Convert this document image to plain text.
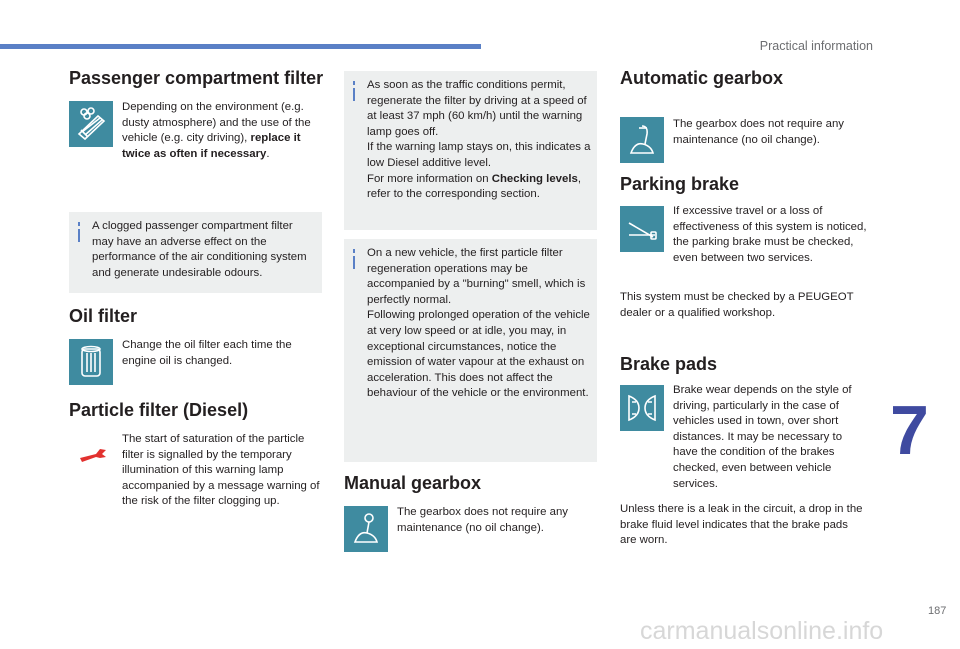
Practical information
7
187
carmanualsonline.info
Passenger compartment filter

Depending on the environment (e.g. dusty atmosphere) and the use of the vehicle (e.g. city driving), replace it twice as often if necessary.

A clogged passenger compartment filter may have an adverse effect on the performance of the air conditioning system and generate undesirable odours.

Oil filter

Change the oil filter each time the engine oil is changed.

Particle filter (Diesel)

The start of saturation of the particle filter is signalled by the temporary illumination of this warning lamp accompanied by a message warning of the risk of the filter clogging up.

As soon as the traffic conditions permit, regenerate the filter by driving at a speed of at least 37 mph (60 km/h) until the warning lamp goes off.
If the warning lamp stays on, this indicates a low Diesel additive level.
For more information on Checking levels, refer to the corresponding section.

On a new vehicle, the first particle filter regeneration operations may be accompanied by a "burning" smell, which is perfectly normal.
Following prolonged operation of the vehicle at very low speed or at idle, you may, in exceptional circumstances, notice the emission of water vapour at the exhaust on acceleration. This does not affect the behaviour of the vehicle or the environment.

Manual gearbox

The gearbox does not require any maintenance (no oil change).

Automatic gearbox

The gearbox does not require any maintenance (no oil change).

Parking brake

If excessive travel or a loss of effectiveness of this system is noticed, the parking brake must be checked, even between two services.

This system must be checked by a PEUGEOT dealer or a qualified workshop.

Brake pads

Brake wear depends on the style of driving, particularly in the case of vehicles used in town, over short distances. It may be necessary to have the condition of the brakes checked, even between vehicle services.

Unless there is a leak in the circuit, a drop in the brake fluid level indicates that the brake pads are worn.
